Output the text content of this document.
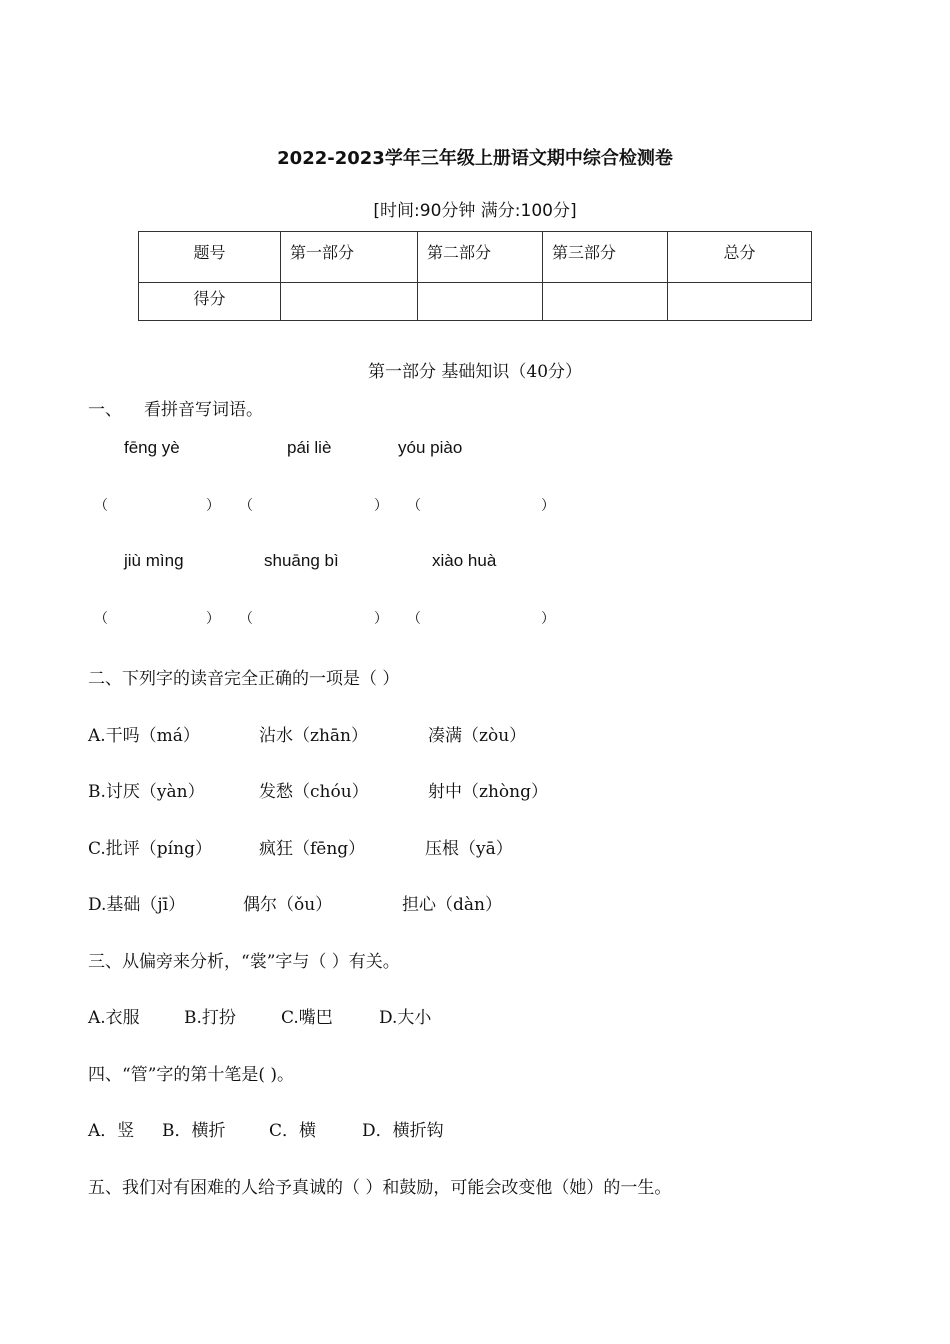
2022-2023学年三年级上册语文期中综合检测卷
[时间:90分钟 满分:100分]
题号	第一部分	第二部分	第三部分	总分

得分				

第一部分 基础知识（40分）
一、 看拼音写词语。
fēng yè	pái liè	yóu piào
（	） （	） （	）
jiù mìng	shuāng bì	xiào huà
（	） （	） （	）
二、下列字的读音完全正确的一项是（ ）
A.干吗（má）	沾水（zhān）	凑满（zòu）
B.讨厌（yàn）	发愁（chóu）	射中（zhòng）
C.批评（píng）	疯狂（fēng）	压根（yā）
D.基础（jī）	偶尔（ǒu）	担心（dàn）
三、从偏旁来分析，“裳”字与（ ）有关。
A.衣服	B.打扮	C.嘴巴	D.大小
四、“管”字的第十笔是( )。
A．竖 B．横折	C．横	D．横折钩
五、我们对有困难的人给予真诚的（ ）和鼓励，可能会改变他（她）的一生。
